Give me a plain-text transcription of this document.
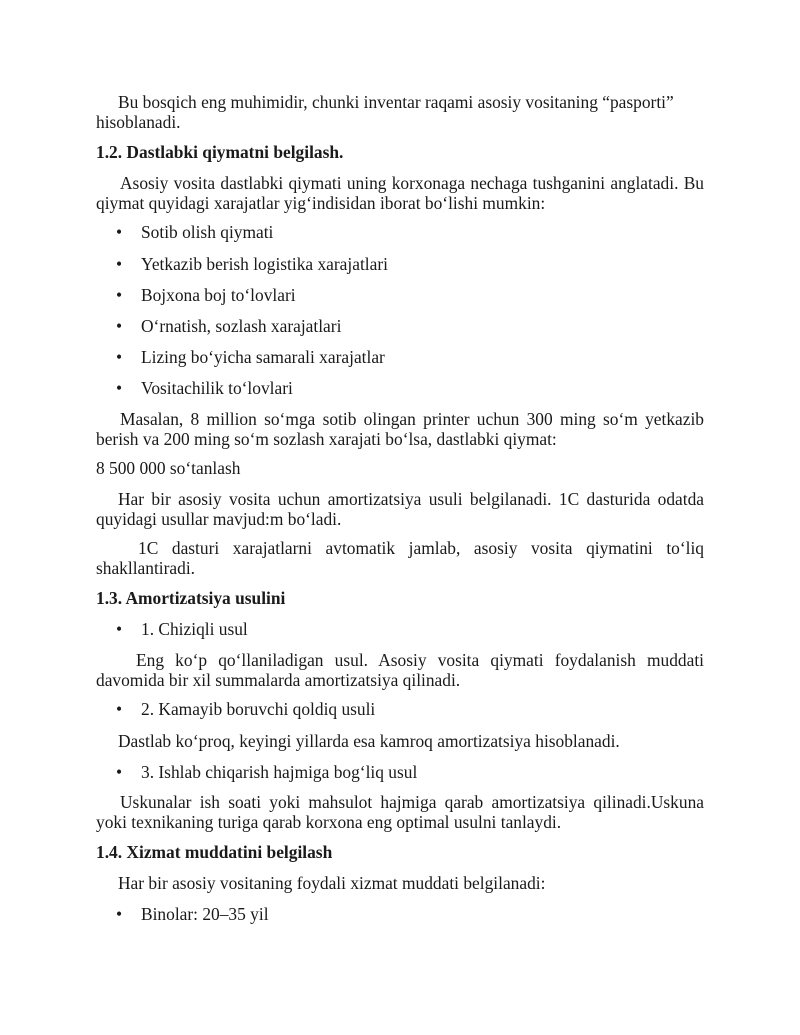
Bu bosqich eng muhimidir, chunki inventar raqami asosiy vositaning “pasporti” hisoblanadi.

1.2. Dastlabki qiymatni belgilash.

Asosiy vosita dastlabki qiymati uning korxonaga nechaga tushganini anglatadi. Bu qiymat quyidagi xarajatlar yig‘indisidan iborat bo‘lishi mumkin:

• Sotib olish qiymati

• Yetkazib berish logistika xarajatlari

• Bojxona boj to‘lovlari

• O‘rnatish, sozlash xarajatlari

• Lizing bo‘yicha samarali xarajatlar

• Vositachilik to‘lovlari

Masalan, 8 million so‘mga sotib olingan printer uchun 300 ming so‘m yetkazib berish va 200 ming so‘m sozlash xarajati bo‘lsa, dastlabki qiymat:

8 500 000 so‘tanlash

Har bir asosiy vosita uchun amortizatsiya usuli belgilanadi. 1C dasturida odatda quyidagi usullar mavjud:m bo‘ladi.

1C dasturi xarajatlarni avtomatik jamlab, asosiy vosita qiymatini to‘liq shakllantiradi.

1.3. Amortizatsiya usulini

• 1. Chiziqli usul

Eng ko‘p qo‘llaniladigan usul. Asosiy vosita qiymati foydalanish muddati davomida bir xil summalarda amortizatsiya qilinadi.

• 2. Kamayib boruvchi qoldiq usuli

Dastlab ko‘proq, keyingi yillarda esa kamroq amortizatsiya hisoblanadi.

• 3. Ishlab chiqarish hajmiga bog‘liq usul

Uskunalar ish soati yoki mahsulot hajmiga qarab amortizatsiya qilinadi.Uskuna yoki texnikaning turiga qarab korxona eng optimal usulni tanlaydi.

1.4. Xizmat muddatini belgilash

Har bir asosiy vositaning foydali xizmat muddati belgilanadi:

• Binolar: 20–35 yil
